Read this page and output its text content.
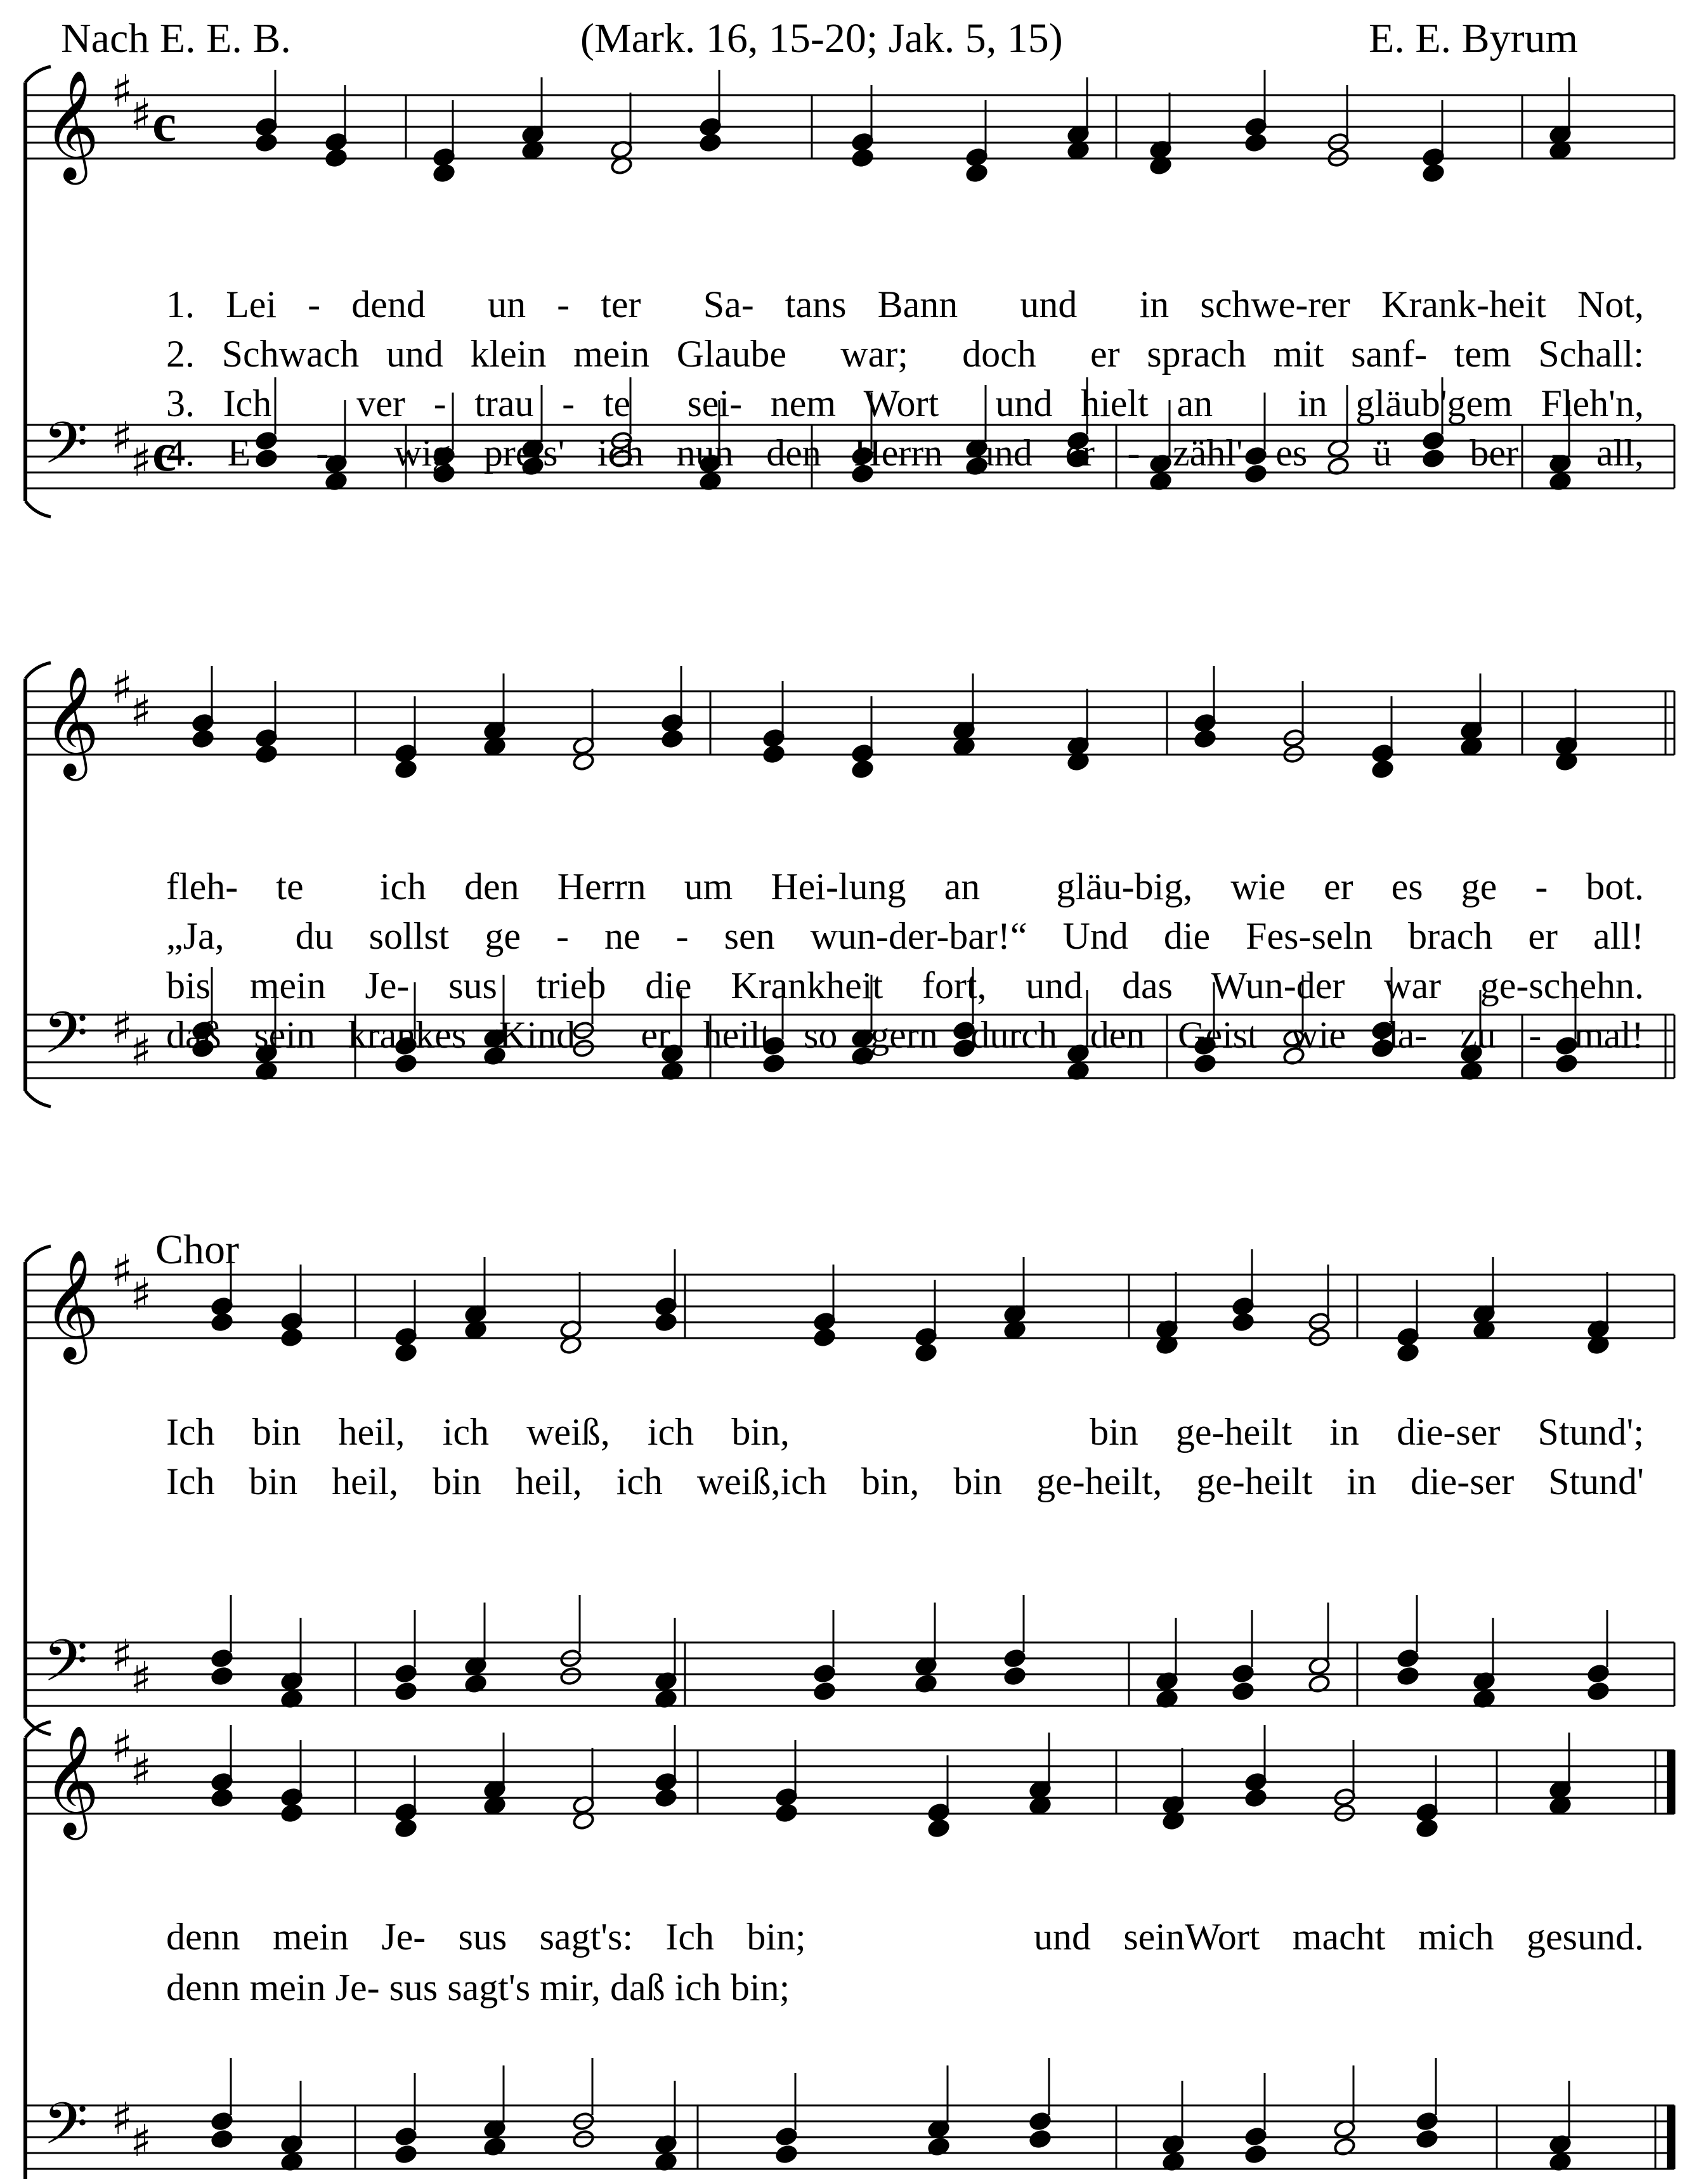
Nach E. E. B.	(Mark. 16, 15-20; Jak. 5, 15)	E. E. Byrum
𝄞 ♯
♯ c
𝄢 ♯
♯ c
𝄞 ♯
♯
𝄢 ♯
♯
𝄞 ♯
♯
𝄢 ♯
♯
𝄞 ♯
♯
𝄢 ♯
♯
1. Lei - dend  un - ter  Sa- tans Bann  und  in schwe-rer Krank-heit Not,
2. Schwach und klein mein Glaube  war;  doch  er sprach mit sanf- tem Schall:
3. Ich   ver - trau - te  sei- nem Wort  und hielt an   in gläub'gem Fleh'n,
4. E  -  wig preis' ich nun den Herrn und er - zähl' es  ü - ber - all,
fleh- te  ich den Herrn um Hei-lung an  gläu-big, wie er es ge - bot.
„Ja,  du sollst ge - ne - sen wun-der-bar!“ Und die Fes-seln brach er all!
bis mein Je- sus trieb die Krankheit fort, und das Wun-der war ge-schehn.
daß sein krankes Kind  er heilt so gern durch den Geist wie da- zu - mal!
Chor
Ich bin heil, ich weiß, ich bin,        bin ge-heilt in die-ser Stund';
Ich bin heil, bin heil, ich weiß,ich bin, bin ge-heilt, ge-heilt in die-ser Stund'
denn mein Je- sus sagt's: Ich bin;       und seinWort macht mich gesund.
denn mein Je- sus sagt's mir, daß ich bin;
